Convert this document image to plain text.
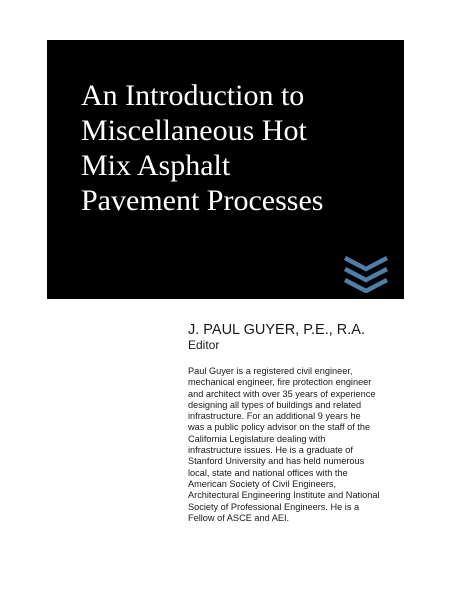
An Introduction to
Miscellaneous Hot
Mix Asphalt
Pavement Processes

J. PAUL GUYER, P.E., R.A.

Editor

Paul Guyer is a registered civil engineer,
mechanical engineer, fire protection engineer
and architect with over 35 years of experience
designing all types of buildings and related
infrastructure. For an additional 9 years he
was a public policy advisor on the staff of the
California Legislature dealing with
infrastructure issues. He is a graduate of
Stanford University and has held numerous
local, state and national offices with the
American Society of Civil Engineers,
Architectural Engineering Institute and National
Society of Professional Engineers. He is a
Fellow of ASCE and AEI.
